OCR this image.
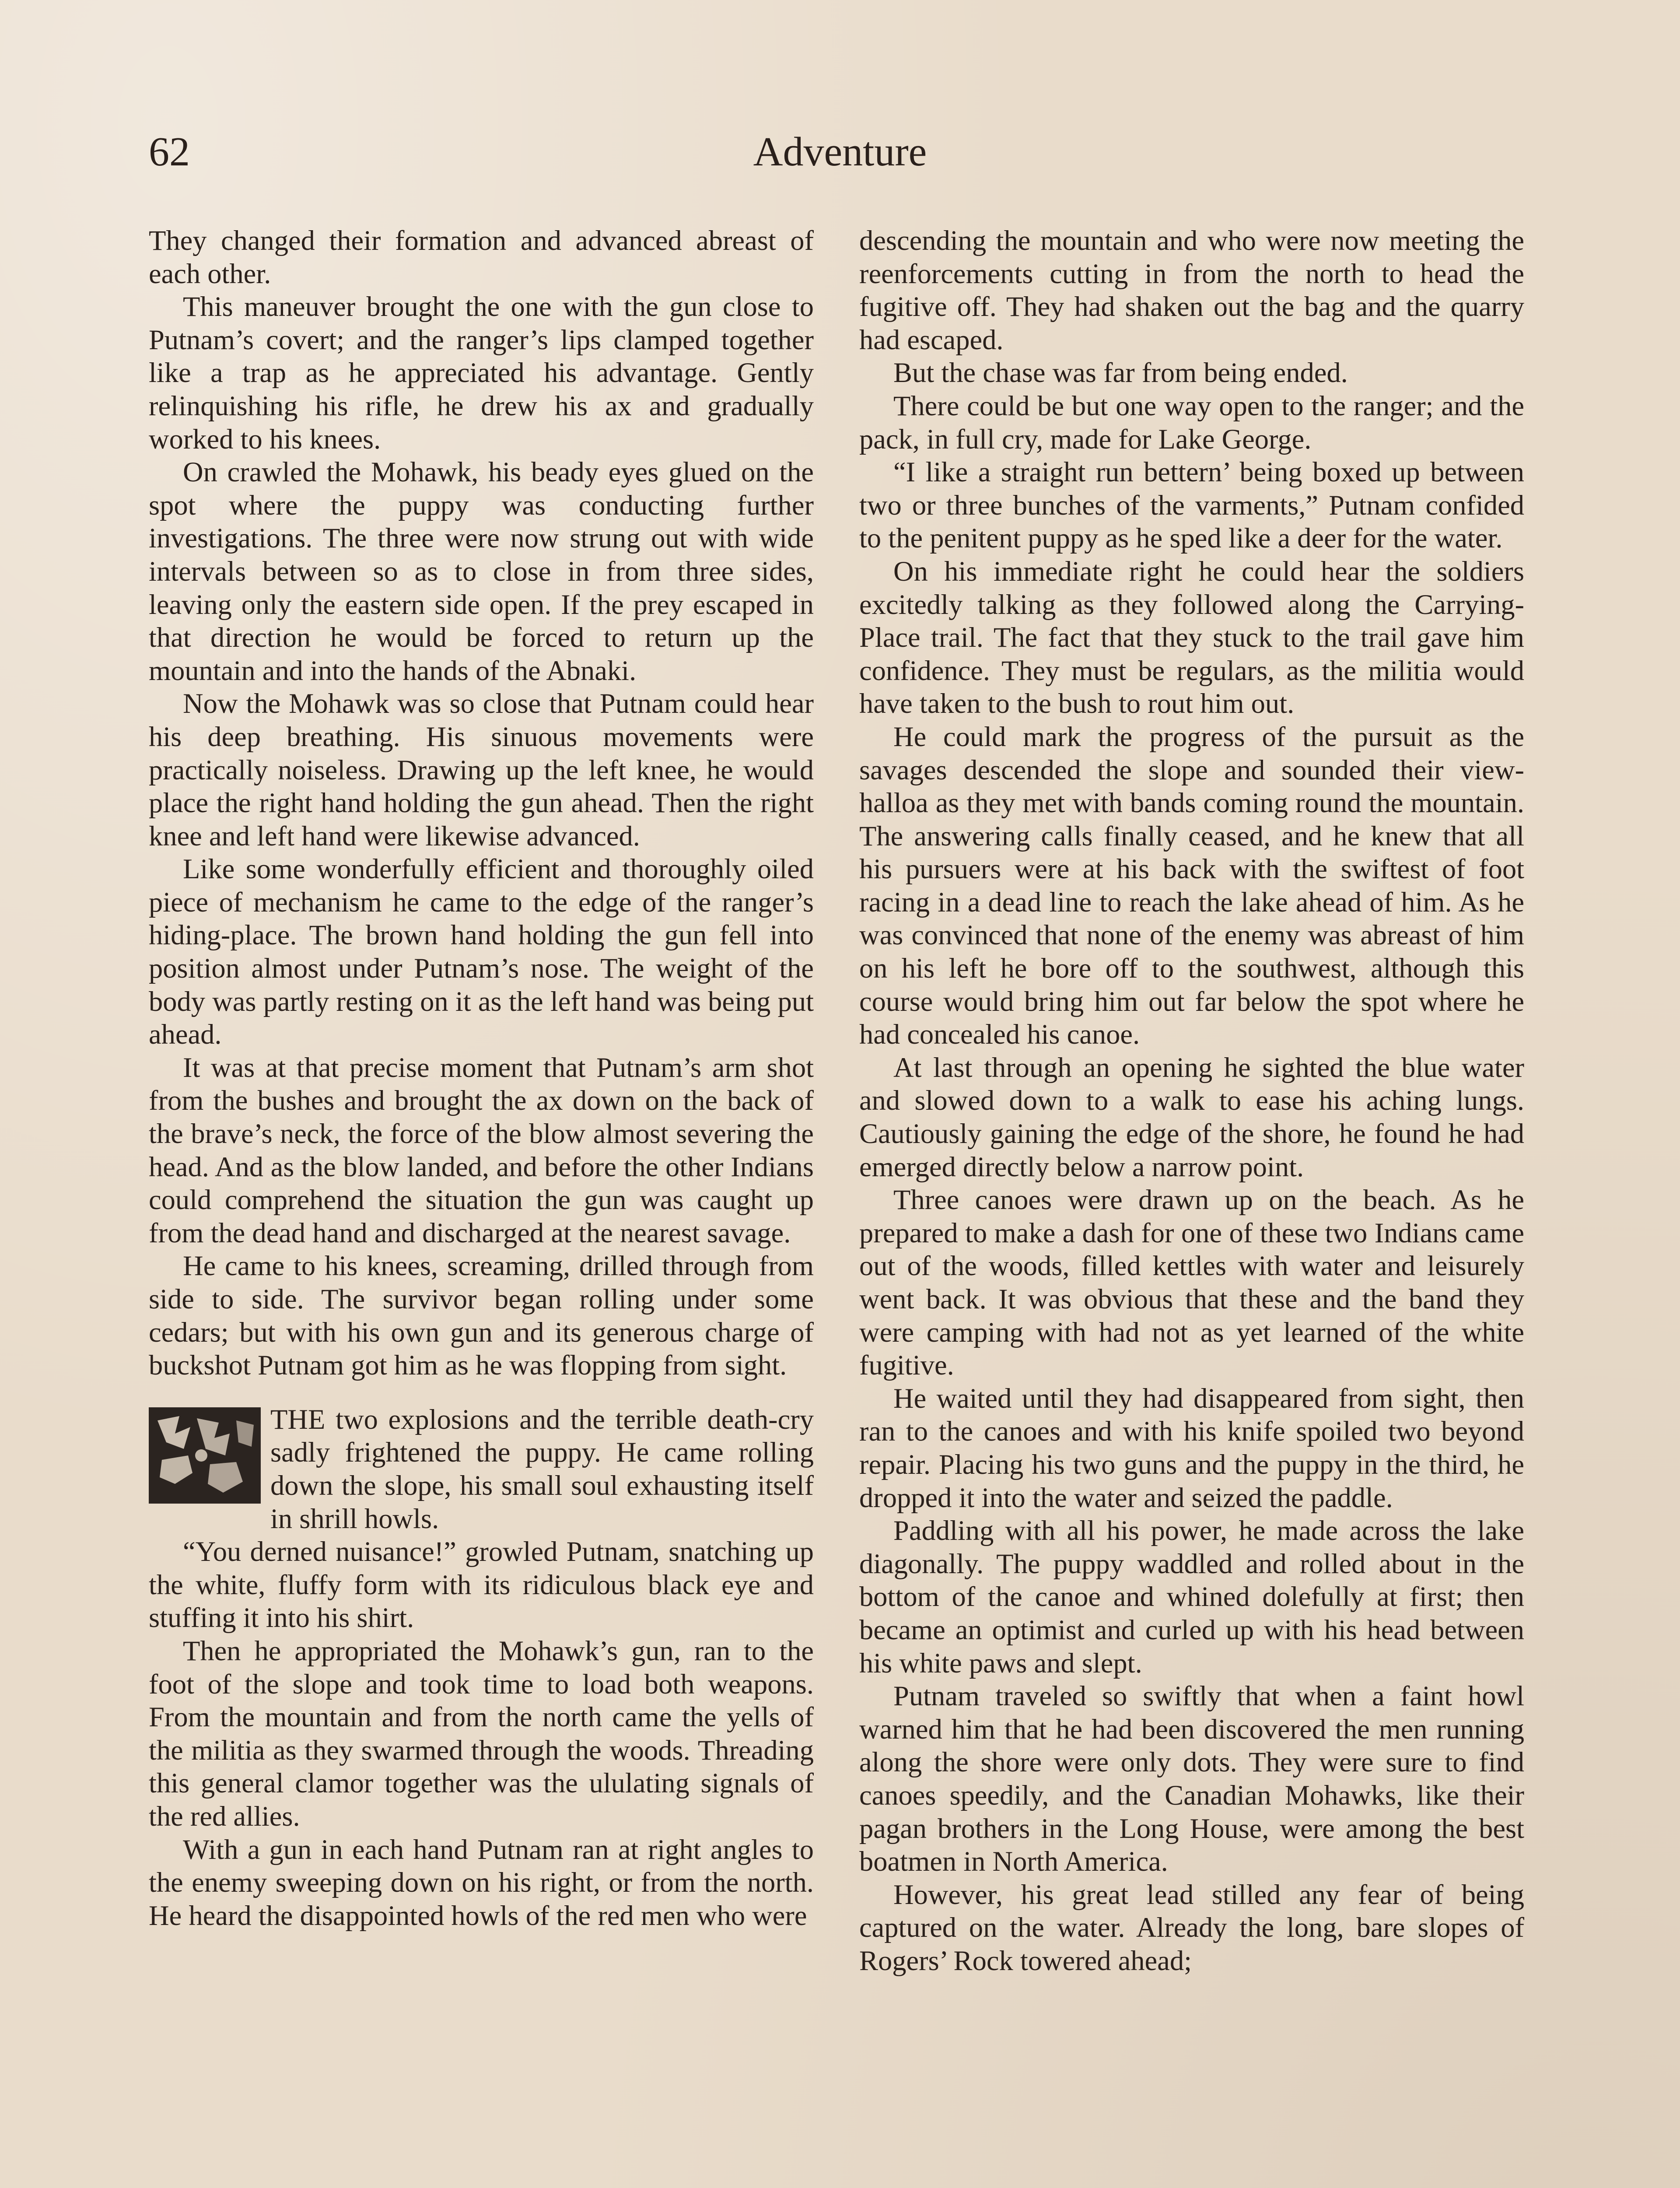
62	Adventure

They changed their formation and advanced abreast of each other.

This maneuver brought the one with the gun close to Putnam’s covert; and the ranger’s lips clamped together like a trap as he appreciated his advantage. Gently relinquishing his rifle, he drew his ax and gradually worked to his knees.

On crawled the Mohawk, his beady eyes glued on the spot where the puppy was conducting further investigations. The three were now strung out with wide intervals between so as to close in from three sides, leaving only the eastern side open. If the prey escaped in that direction he would be forced to return up the mountain and into the hands of the Abnaki.

Now the Mohawk was so close that Putnam could hear his deep breathing. His sinuous movements were practically noiseless. Drawing up the left knee, he would place the right hand holding the gun ahead. Then the right knee and left hand were likewise advanced.

Like some wonderfully efficient and thoroughly oiled piece of mechanism he came to the edge of the ranger’s hiding-place. The brown hand holding the gun fell into position almost under Putnam’s nose. The weight of the body was partly resting on it as the left hand was being put ahead.

It was at that precise moment that Putnam’s arm shot from the bushes and brought the ax down on the back of the brave’s neck, the force of the blow almost severing the head. And as the blow landed, and before the other Indians could comprehend the situation the gun was caught up from the dead hand and discharged at the nearest savage.

He came to his knees, screaming, drilled through from side to side. The survivor began rolling under some cedars; but with his own gun and its generous charge of buckshot Putnam got him as he was flopping from sight.

THE two explosions and the terrible death-cry sadly frightened the puppy. He came rolling down the slope, his small soul exhausting itself in shrill howls.

“You derned nuisance!” growled Putnam, snatching up the white, fluffy form with its ridiculous black eye and stuffing it into his shirt.

Then he appropriated the Mohawk’s gun, ran to the foot of the slope and took time to load both weapons. From the mountain and from the north came the yells of the militia as they swarmed through the woods. Threading this general clamor together was the ululating signals of the red allies.

With a gun in each hand Putnam ran at right angles to the enemy sweeping down on his right, or from the north. He heard the disappointed howls of the red men who were

descending the mountain and who were now meeting the reenforcements cutting in from the north to head the fugitive off. They had shaken out the bag and the quarry had escaped.

But the chase was far from being ended.

There could be but one way open to the ranger; and the pack, in full cry, made for Lake George.

“I like a straight run bettern’ being boxed up between two or three bunches of the varments,” Putnam confided to the penitent puppy as he sped like a deer for the water.

On his immediate right he could hear the soldiers excitedly talking as they followed along the Carrying-Place trail. The fact that they stuck to the trail gave him confidence. They must be regulars, as the militia would have taken to the bush to rout him out.

He could mark the progress of the pursuit as the savages descended the slope and sounded their view-halloa as they met with bands coming round the mountain. The answering calls finally ceased, and he knew that all his pursuers were at his back with the swiftest of foot racing in a dead line to reach the lake ahead of him. As he was convinced that none of the enemy was abreast of him on his left he bore off to the southwest, although this course would bring him out far below the spot where he had concealed his canoe.

At last through an opening he sighted the blue water and slowed down to a walk to ease his aching lungs. Cautiously gaining the edge of the shore, he found he had emerged directly below a narrow point.

Three canoes were drawn up on the beach. As he prepared to make a dash for one of these two Indians came out of the woods, filled kettles with water and leisurely went back. It was obvious that these and the band they were camping with had not as yet learned of the white fugitive.

He waited until they had disappeared from sight, then ran to the canoes and with his knife spoiled two beyond repair. Placing his two guns and the puppy in the third, he dropped it into the water and seized the paddle.

Paddling with all his power, he made across the lake diagonally. The puppy waddled and rolled about in the bottom of the canoe and whined dolefully at first; then became an optimist and curled up with his head between his white paws and slept.

Putnam traveled so swiftly that when a faint howl warned him that he had been discovered the men running along the shore were only dots. They were sure to find canoes speedily, and the Canadian Mohawks, like their pagan brothers in the Long House, were among the best boatmen in North America.

However, his great lead stilled any fear of being captured on the water. Already the long, bare slopes of Rogers’ Rock towered ahead;
